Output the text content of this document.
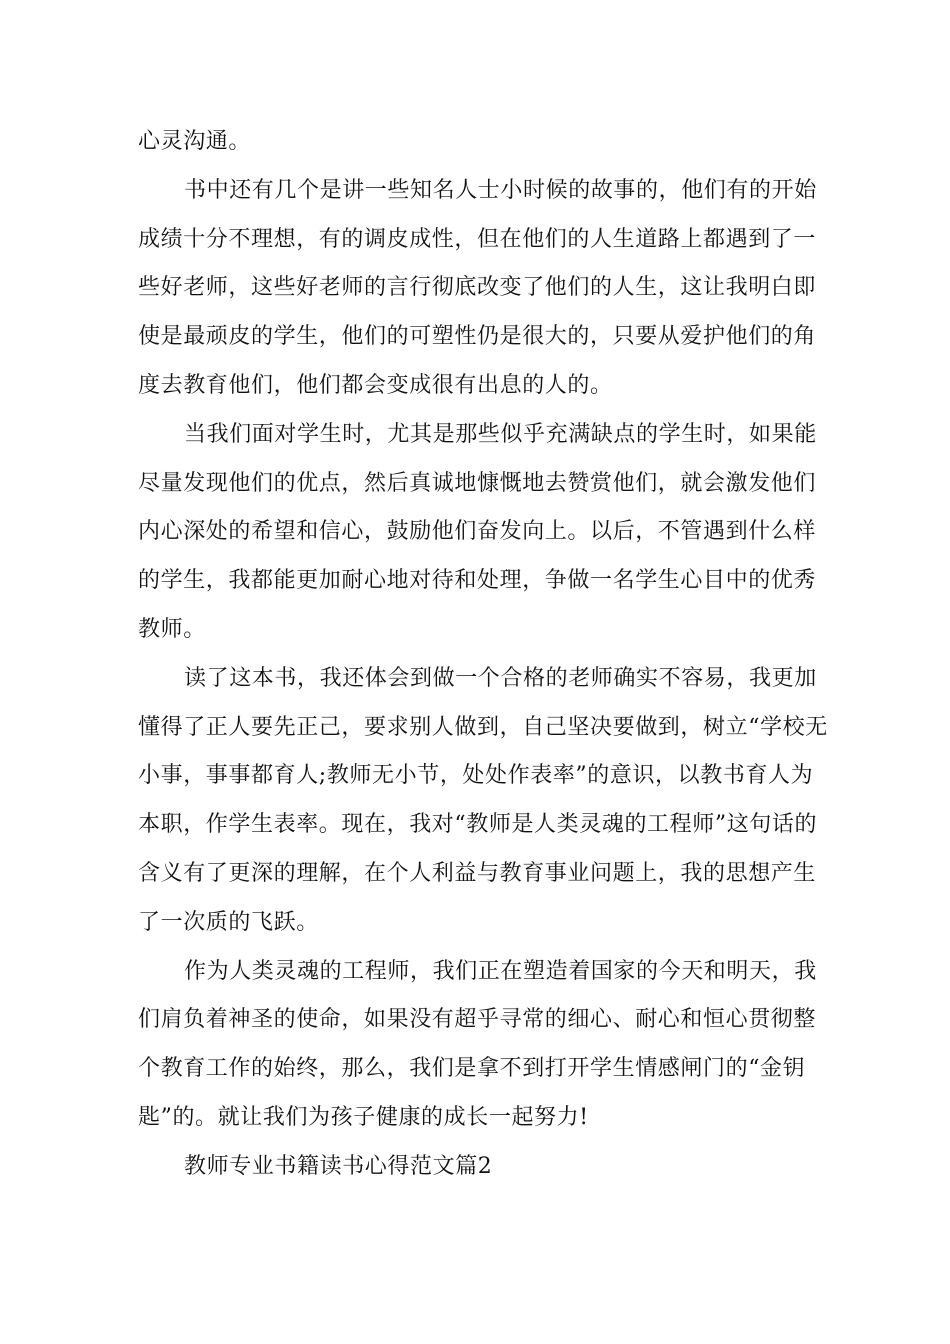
心灵沟通。
书中还有几个是讲一些知名人士小时候的故事的，他们有的开始
成绩十分不理想，有的调皮成性，但在他们的人生道路上都遇到了一
些好老师，这些好老师的言行彻底改变了他们的人生，这让我明白即
使是最顽皮的学生，他们的可塑性仍是很大的，只要从爱护他们的角
度去教育他们，他们都会变成很有出息的人的。
当我们面对学生时，尤其是那些似乎充满缺点的学生时，如果能
尽量发现他们的优点，然后真诚地慷慨地去赞赏他们，就会激发他们
内心深处的希望和信心，鼓励他们奋发向上。以后，不管遇到什么样
的学生，我都能更加耐心地对待和处理，争做一名学生心目中的优秀
教师。
读了这本书，我还体会到做一个合格的老师确实不容易，我更加
懂得了正人要先正己，要求别人做到，自己坚决要做到，树立“学校无
小事，事事都育人;教师无小节，处处作表率”的意识，以教书育人为
本职，作学生表率。现在，我对“教师是人类灵魂的工程师”这句话的
含义有了更深的理解，在个人利益与教育事业问题上，我的思想产生
了一次质的飞跃。
作为人类灵魂的工程师，我们正在塑造着国家的今天和明天，我
们肩负着神圣的使命，如果没有超乎寻常的细心、耐心和恒心贯彻整
个教育工作的始终，那么，我们是拿不到打开学生情感闸门的“金钥
匙”的。就让我们为孩子健康的成长一起努力!
教师专业书籍读书心得范文篇2
